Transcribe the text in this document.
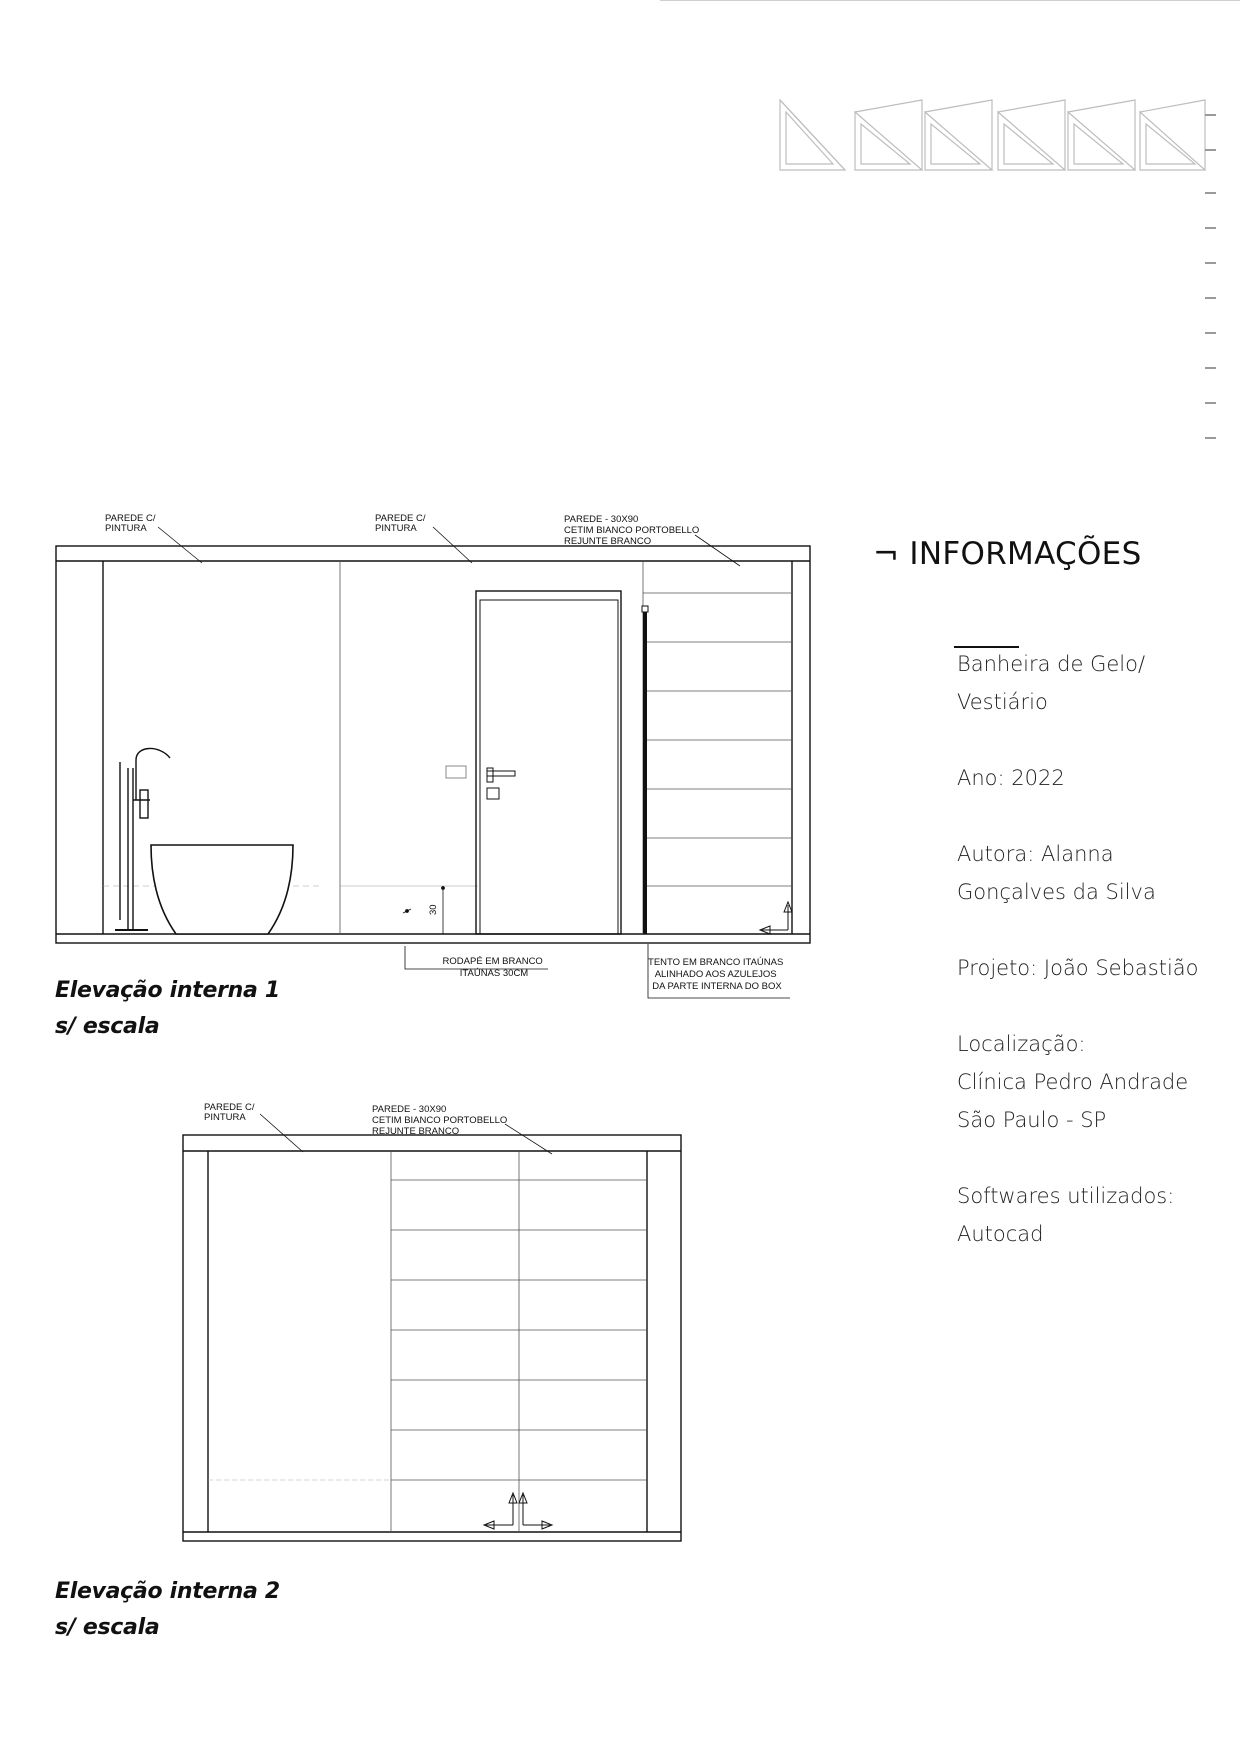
30
PAREDE C/ PINTURA
PAREDE C/ PINTURA
PAREDE - 30X90 CETIM BIANCO PORTOBELLO REJUNTE BRANCO
RODAPÉ EM BRANCO ITAÚNAS 30CM
TENTO EM BRANCO ITAÚNAS ALINHADO AOS AZULEJOS DA PARTE INTERNA DO BOX
PAREDE C/ PINTURA
PAREDE - 30X90 CETIM BIANCO PORTOBELLO REJUNTE BRANCO
Elevação interna 1
s/ escala
Elevação interna 2
s/ escala
¬ INFORMAÇÕES
Banheira de Gelo/
Vestiário

Ano: 2022

Autora: Alanna
Gonçalves da Silva

Projeto: João Sebastião

Localização:
Clínica Pedro Andrade
São Paulo - SP

Softwares utilizados:
Autocad
